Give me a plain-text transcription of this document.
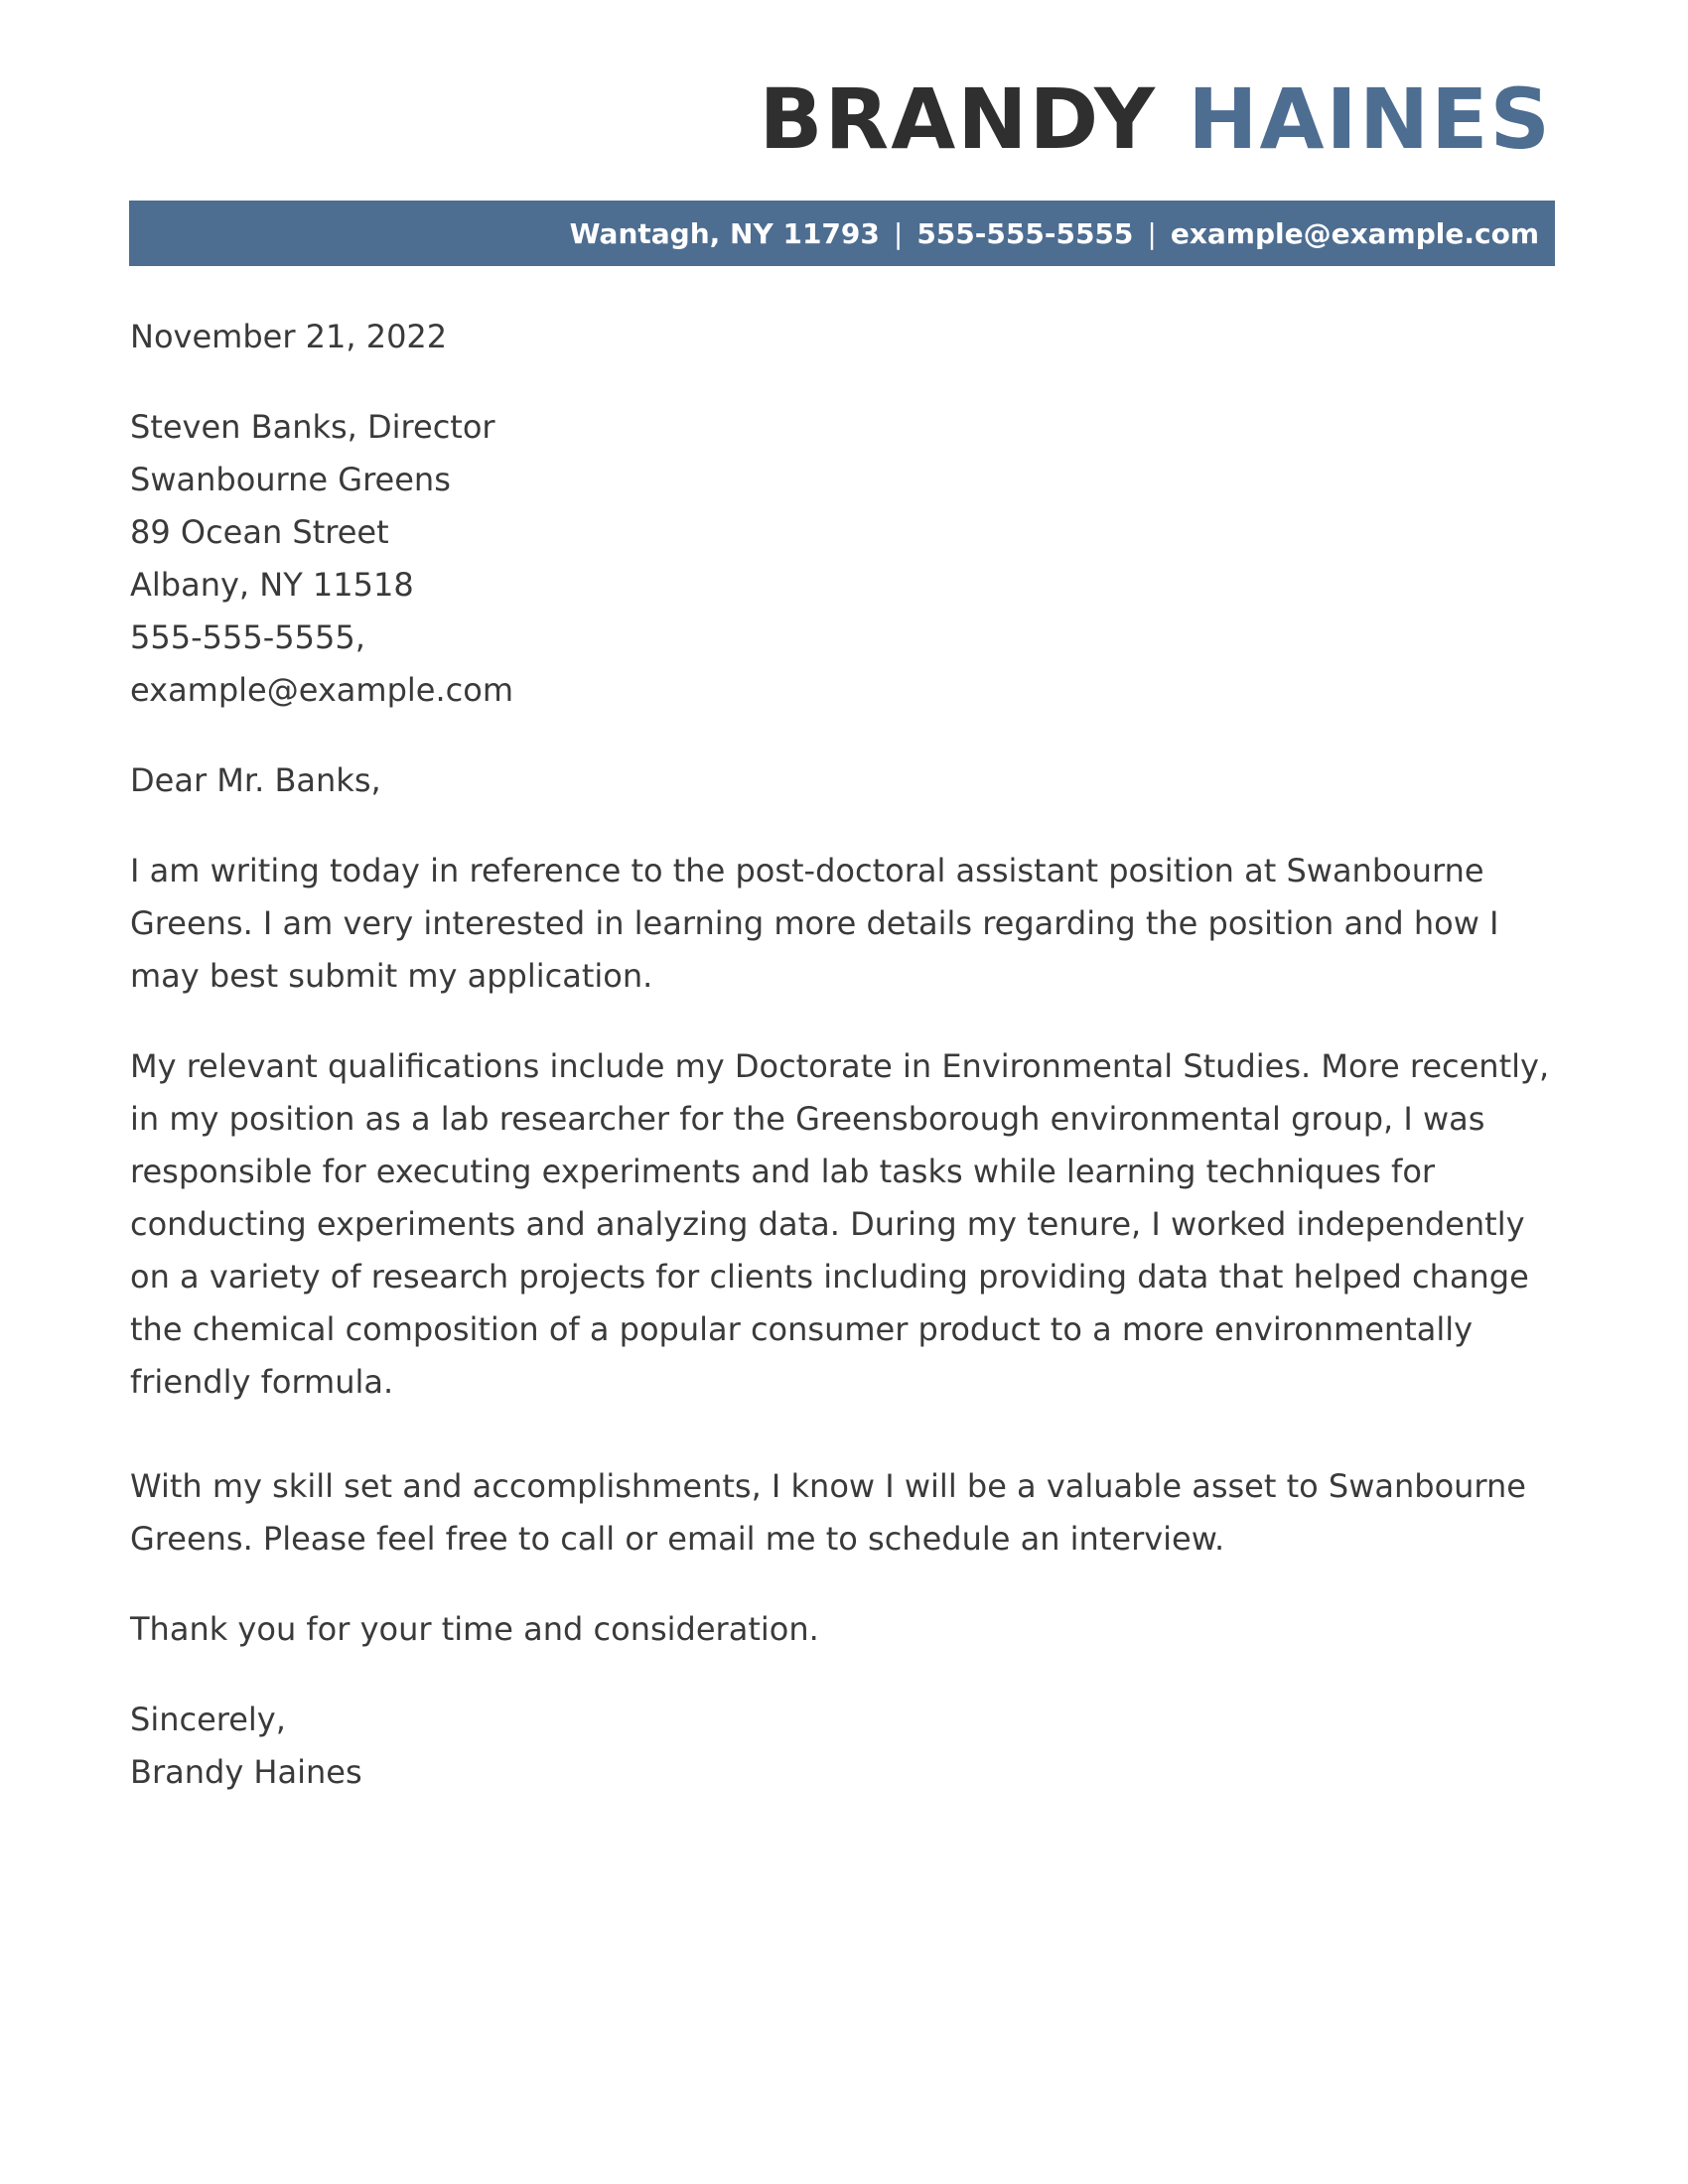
BRANDY HAINES
Wantagh, NY 11793 | 555-555-5555 | example@example.com

November 21, 2022

Steven Banks, Director

Swanbourne Greens

89 Ocean Street

Albany, NY 11518

555-555-5555,

example@example.com

Dear Mr. Banks,

I am writing today in reference to the post-doctoral assistant position at Swanbourne Greens. I am very interested in learning more details regarding the position and how I may best submit my application.

My relevant qualifications include my Doctorate in Environmental Studies. More recently, in my position as a lab researcher for the Greensborough environmental group, I was responsible for executing experiments and lab tasks while learning techniques for conducting experiments and analyzing data. During my tenure, I worked independently on a variety of research projects for clients including providing data that helped change the chemical composition of a popular consumer product to a more environmentally friendly formula.

With my skill set and accomplishments, I know I will be a valuable asset to Swanbourne Greens. Please feel free to call or email me to schedule an interview.

Thank you for your time and consideration.

Sincerely,

Brandy Haines
